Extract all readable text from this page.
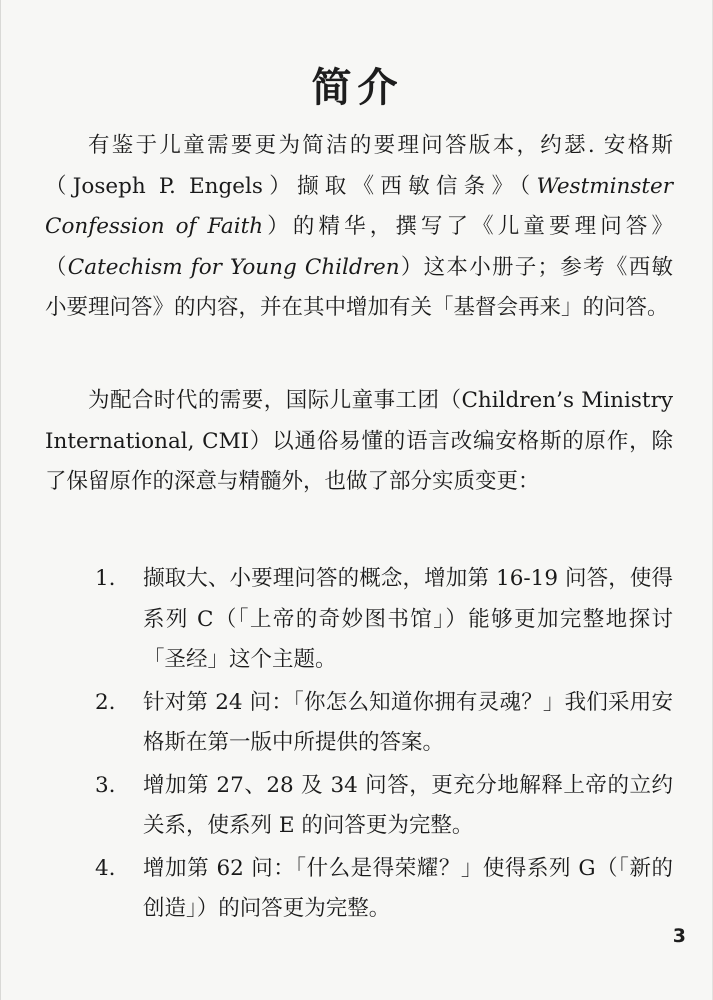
简介

有鉴于儿童需要更为简洁的要理问答版本，约瑟. 安格斯（Joseph P. Engels）撷取《西敏信条》（Westminster Confession of Faith）的精华，撰写了《儿童要理问答》（Catechism for Young Children）这本小册子；参考《西敏小要理问答》的内容，并在其中增加有关「基督会再来」的问答。

为配合时代的需要，国际儿童事工团（Children’s Ministry International, CMI）以通俗易懂的语言改编安格斯的原作，除了保留原作的深意与精髓外，也做了部分实质变更：

1. 撷取大、小要理问答的概念，增加第 16-19 问答，使得系列 C（「上帝的奇妙图书馆」）能够更加完整地探讨「圣经」这个主题。
2. 针对第 24 问：「你怎么知道你拥有灵魂？」我们采用安格斯在第一版中所提供的答案。
3. 增加第 27、28 及 34 问答，更充分地解释上帝的立约关系，使系列 E 的问答更为完整。
4. 增加第 62 问：「什么是得荣耀？」使得系列 G（「新的创造」）的问答更为完整。
3
